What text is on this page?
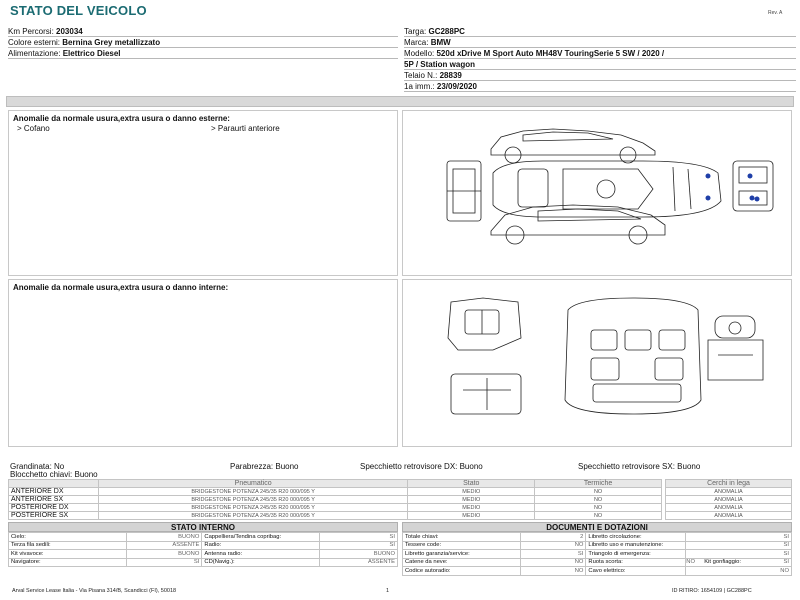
STATO DEL VEICOLO	Rev. A
Km Percorsi: 203034
Colore esterni: Bernina Grey metallizzato
Alimentazione: Elettrico Diesel
Targa: GC288PC
Marca: BMW
Modello: 520d xDrive M Sport Auto MH48V TouringSerie 5 SW / 2020 /
5P / Station wagon
Telaio N.: 28839
1a imm.: 23/09/2020
Anomalie da normale usura,extra usura o danno esterne:
> Cofano	> Paraurti anteriore
Anomalie da normale usura,extra usura o danno interne:
Grandinata: No	Parabrezza: Buono	Specchietto retrovisore DX: Buono	Specchietto retrovisore SX: Buono
Blocchetto chiavi: Buono
	Pneumatico	Stato	Termiche
ANTERIORE DX	BRIDGESTONE POTENZA 245/35 R20 000/095 Y	MEDIO	NO
ANTERIORE SX	BRIDGESTONE POTENZA 245/35 R20 000/095 Y	MEDIO	NO
POSTERIORE DX	BRIDGESTONE POTENZA 245/35 R20 000/095 Y	MEDIO	NO
POSTERIORE SX	BRIDGESTONE POTENZA 245/35 R20 000/095 Y	MEDIO	NO
Cerchi in lega
ANOMALIA
ANOMALIA
ANOMALIA
ANOMALIA
STATO INTERNO
Cielo:	BUONO	Cappelliera/Tendina copribag:	SI
Terza fila sedili:	ASSENTE	Radio:	SI
Kit vivavoce:	BUONO	Antenna radio:	BUONO
Navigatore:	SI	CD(Navig.):	ASSENTE
DOCUMENTI E DOTAZIONI
Totale chiavi:	2	Libretto circolazione:	SI
Tessere code:	NO	Libretto uso e manutenzione:	SI
Libretto garanzia/service:	SI	Triangolo di emergenza:	SI
Catene da neve:	NO	Ruota scorta:	NO Kit gonfiaggio: SI

Codice autoradio:	NO	Cavo elettrico:	NO
Arval Service Lease Italia - Via Pisana 314/B, Scandicci (FI), 50018	1	ID RITIRO: 1654109 | GC288PC
